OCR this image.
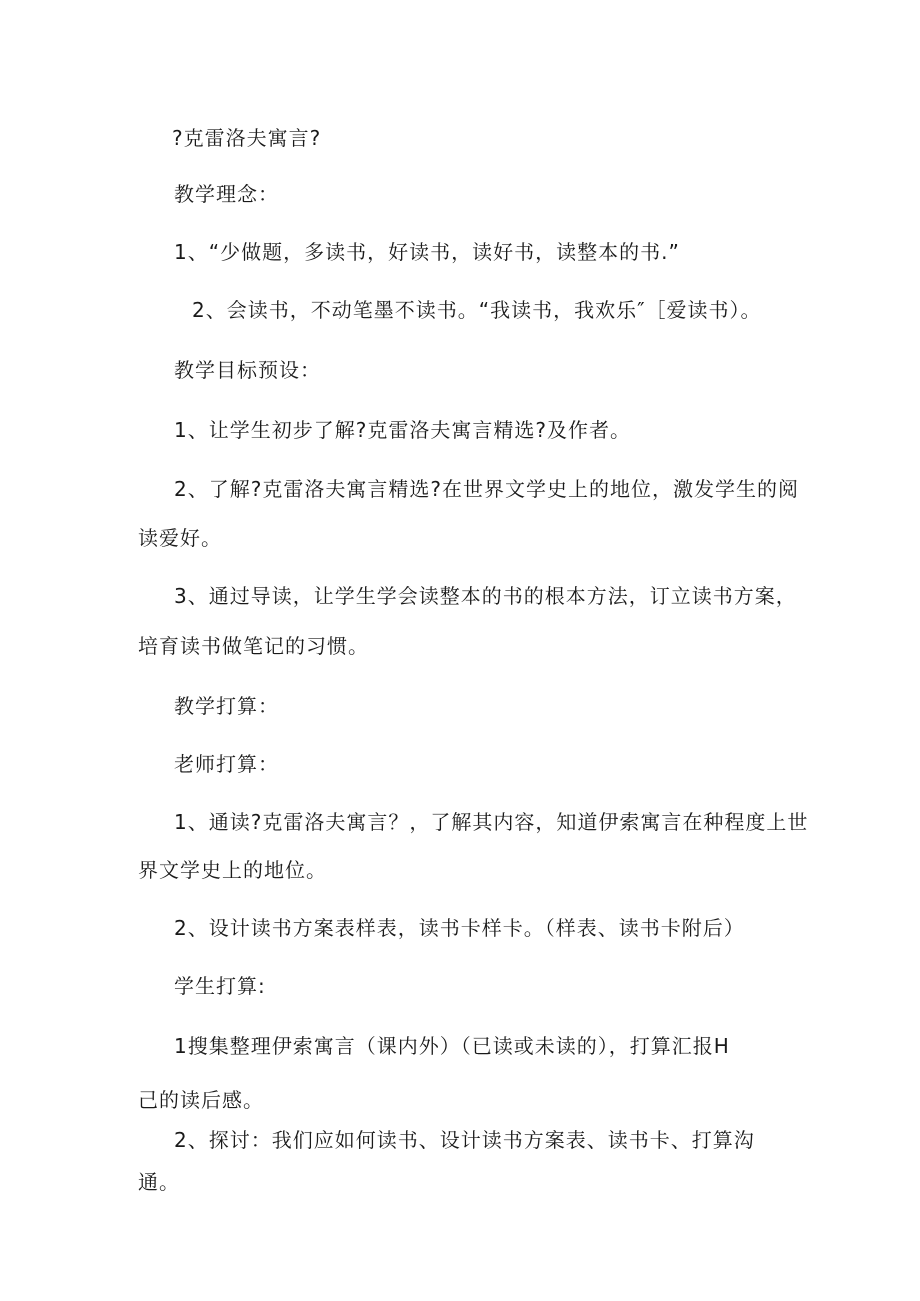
?克雷洛夫寓言?
教学理念：
1、“少做题，多读书，好读书，读好书，读整本的书.”
2、会读书，不动笔墨不读书。“我读书，我欢乐″［爱读书）。
教学目标预设：
1、让学生初步了解?克雷洛夫寓言精选?及作者。
2、了解?克雷洛夫寓言精选?在世界文学史上的地位，激发学生的阅
读爱好。
3、通过导读，让学生学会读整本的书的根本方法，订立读书方案，
培育读书做笔记的习惯。
教学打算：
老师打算：
1、通读?克雷洛夫寓言？，了解其内容，知道伊索寓言在种程度上世
界文学史上的地位。
2、设计读书方案表样表，读书卡样卡。（样表、读书卡附后）
学生打算:
1搜集整理伊索寓言（课内外）（已读或未读的），打算汇报H
己的读后感。
2、探讨：我们应如何读书、设计读书方案表、读书卡、打算沟
通。
